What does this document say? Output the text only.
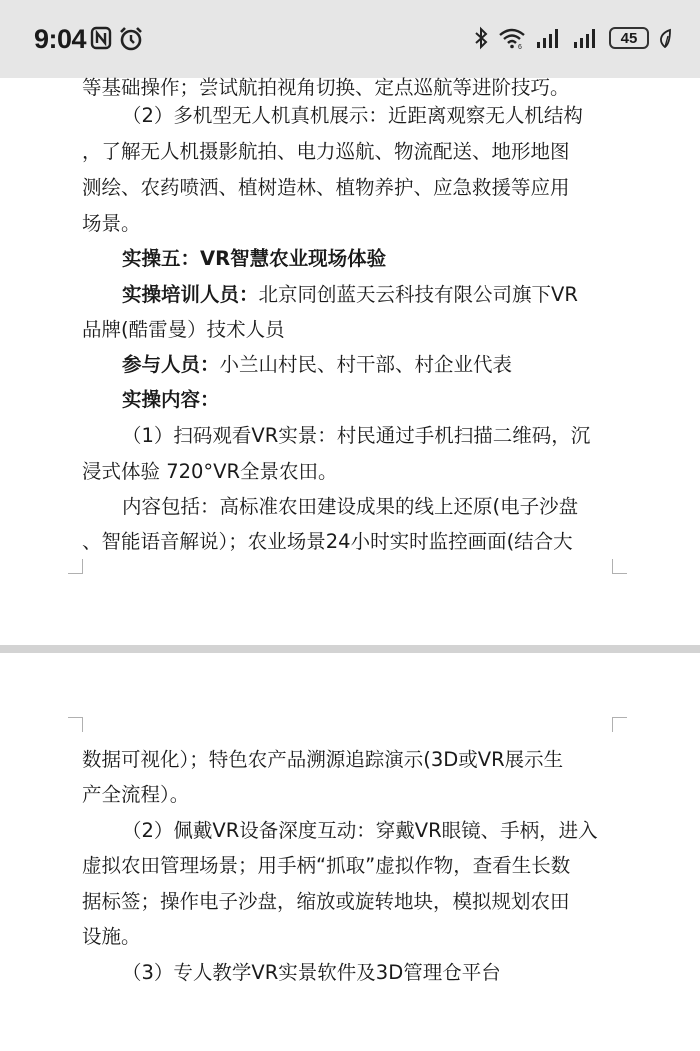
9:04	6
45
等基础操作；尝试航拍视角切换、定点巡航等进阶技巧。
（2）多机型无人机真机展示：近距离观察无人机结构
，了解无人机摄影航拍、电力巡航、物流配送、地形地图
测绘、农药喷洒、植树造林、植物养护、应急救援等应用
场景。
实操五：VR智慧农业现场体验
实操培训人员：北京同创蓝天云科技有限公司旗下VR
品牌(酷雷曼）技术人员
参与人员：小兰山村民、村干部、村企业代表
实操内容：
（1）扫码观看VR实景：村民通过手机扫描二维码，沉
浸式体验 720°VR全景农田。
内容包括：高标准农田建设成果的线上还原(电子沙盘
、智能语音解说）；农业场景24小时实时监控画面(结合大
数据可视化）；特色农产品溯源追踪演示(3D或VR展示生
产全流程）。
（2）佩戴VR设备深度互动：穿戴VR眼镜、手柄，进入
虚拟农田管理场景；用手柄“抓取”虚拟作物，查看生长数
据标签；操作电子沙盘，缩放或旋转地块，模拟规划农田
设施。
（3）专人教学VR实景软件及3D管理仓平台
